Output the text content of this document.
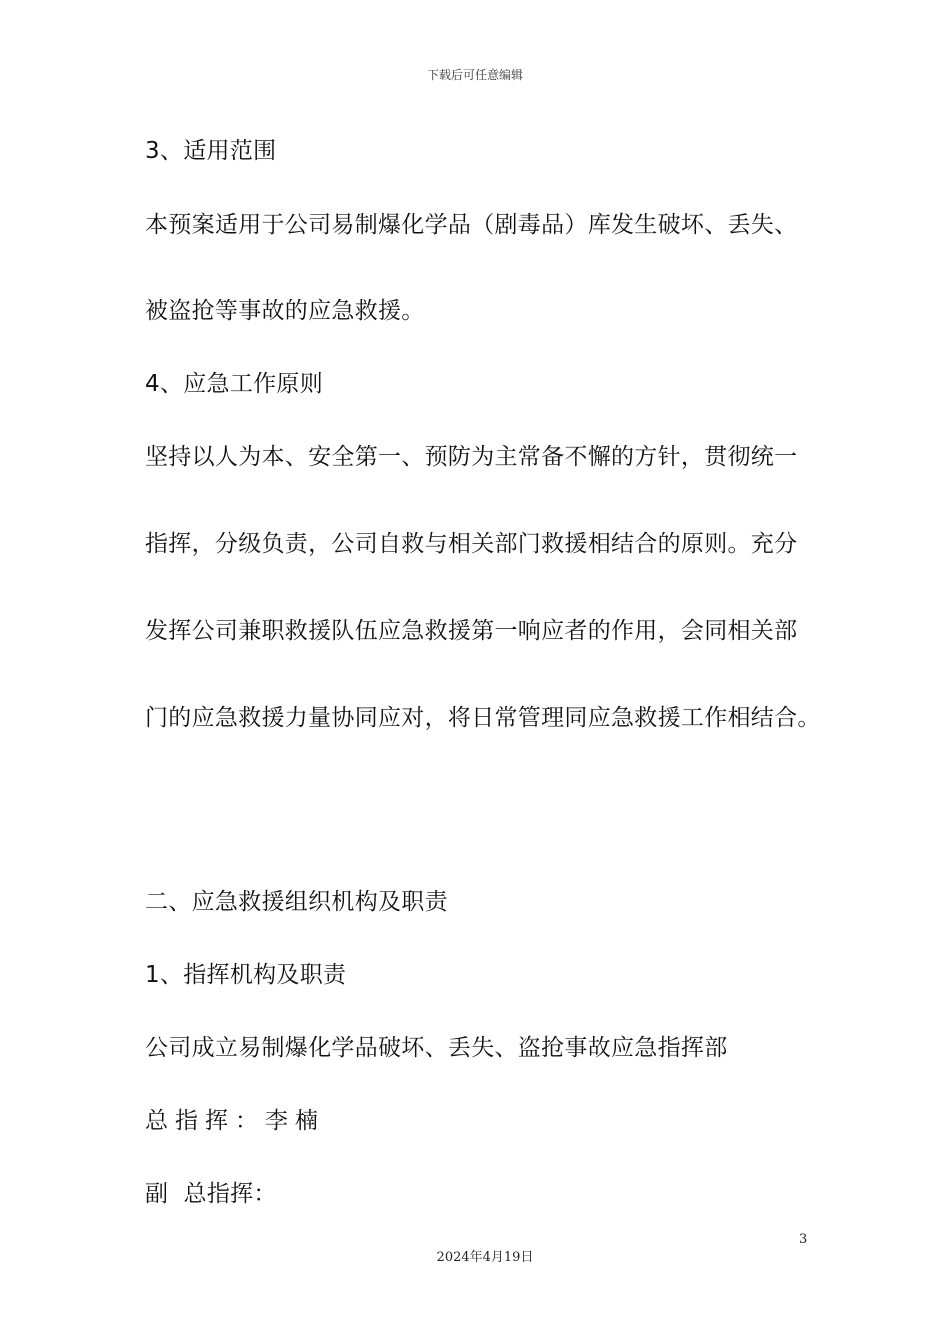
下载后可任意编辑
3、适用范围
本预案适用于公司易制爆化学品（剧毒品）库发生破坏、丢失、
被盗抢等事故的应急救援。
4、应急工作原则
坚持以人为本、安全第一、预防为主常备不懈的方针，贯彻统一
指挥，分级负责，公司自救与相关部门救援相结合的原则。充分
发挥公司兼职救援队伍应急救援第一响应者的作用，会同相关部
门的应急救援力量协同应对，将日常管理同应急救援工作相结合。
二、应急救援组织机构及职责
1、指挥机构及职责
公司成立易制爆化学品破坏、丢失、盗抢事故应急指挥部
总指挥：李楠
副  总指挥：
3
2024年4月19日
